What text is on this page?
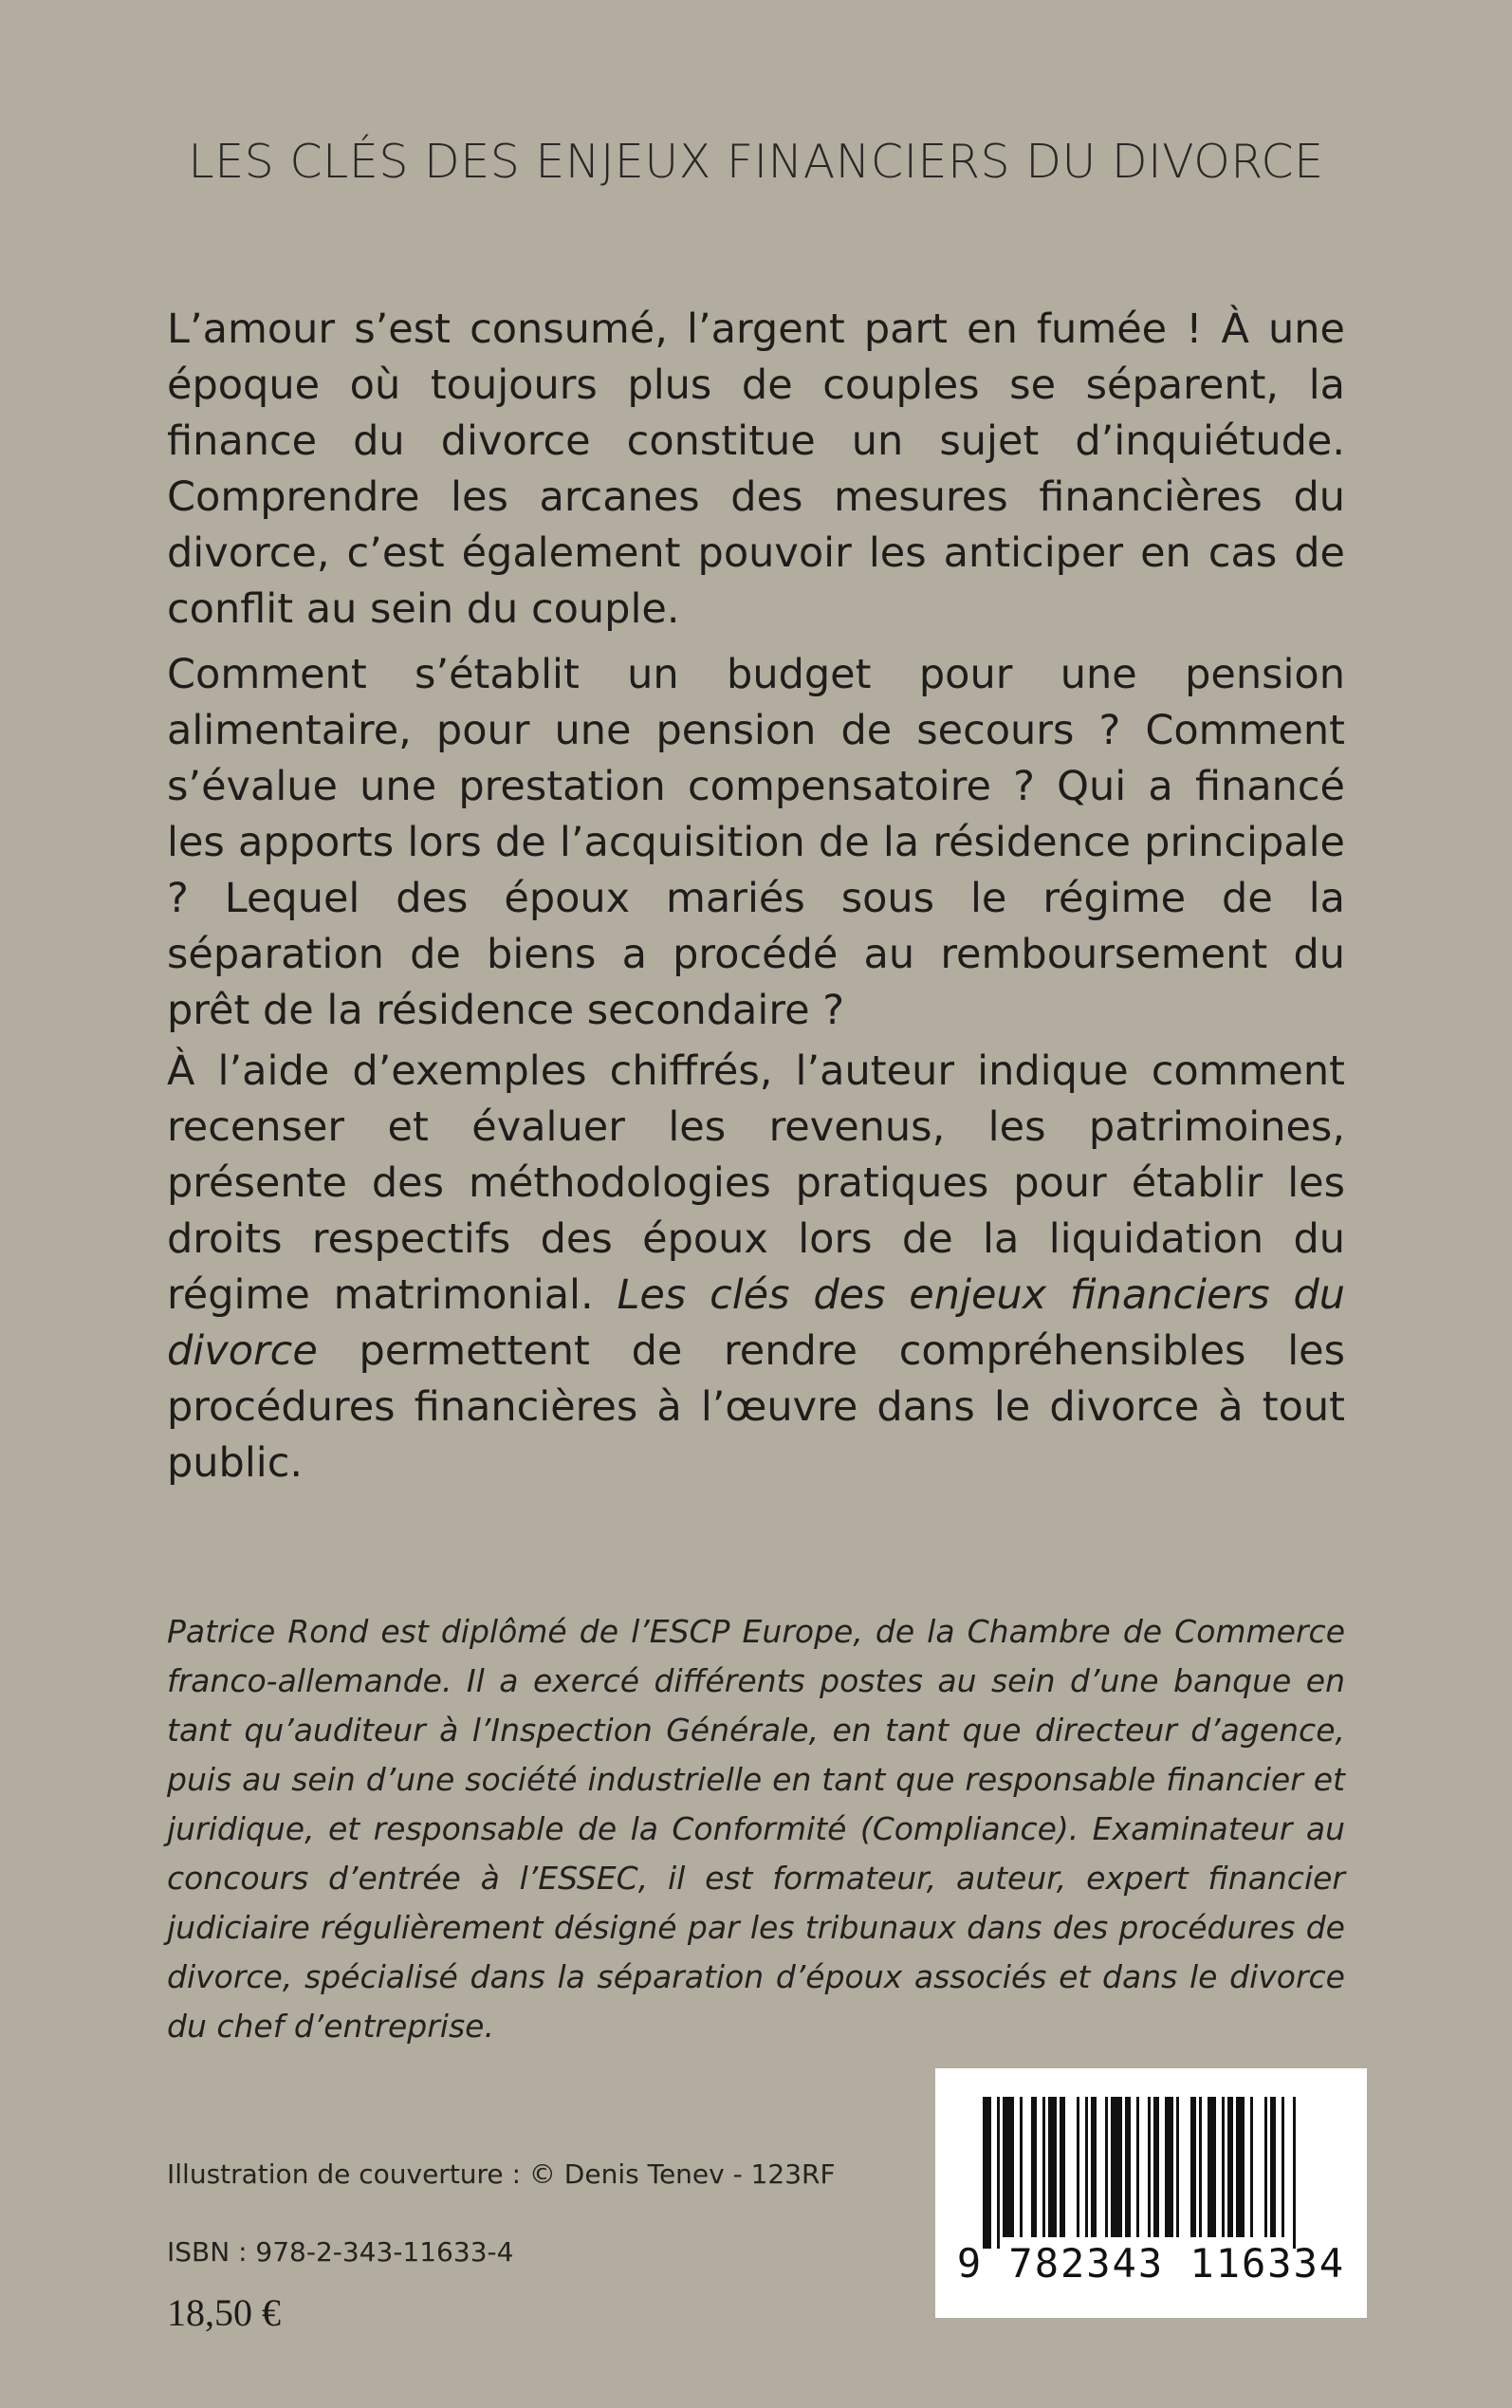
LES CLÉS DES ENJEUX FINANCIERS DU DIVORCE

L’amour s’est consumé, l’argent part en fumée ! À une époque où toujours plus de couples se séparent, la finance du divorce constitue un sujet d’inquiétude. Comprendre les arcanes des mesures financières du divorce, c’est également pouvoir les anticiper en cas de conflit au sein du couple.

Comment s’établit un budget pour une pension alimentaire, pour une pension de secours ? Comment s’évalue une prestation compensatoire ? Qui a financé les apports lors de l’acquisition de la résidence principale ? Lequel des époux mariés sous le régime de la séparation de biens a procédé au remboursement du prêt de la résidence secondaire ?

À l’aide d’exemples chiffrés, l’auteur indique comment recenser et évaluer les revenus, les patrimoines, présente des méthodologies pratiques pour établir les droits respectifs des époux lors de la liquidation du régime matrimonial. Les clés des enjeux financiers du divorce permettent de rendre compréhensibles les procédures financières à l’œuvre dans le divorce à tout public.

Patrice Rond est diplômé de l’ESCP Europe, de la Chambre de Commerce franco-allemande. Il a exercé différents postes au sein d’une banque en tant qu’auditeur à l’Inspection Générale, en tant que directeur d’agence, puis au sein d’une société industrielle en tant que responsable financier et juridique, et responsable de la Conformité (Compliance). Examinateur au concours d’entrée à l’ESSEC, il est formateur, auteur, expert financier judiciaire régulièrement désigné par les tribunaux dans des procédures de divorce, spécialisé dans la séparation d’époux associés et dans le divorce du chef d’entreprise.

Illustration de couverture : © Denis Tenev - 123RF
ISBN : 978-2-343-11633-4
18,50 €
9 782343 116334
